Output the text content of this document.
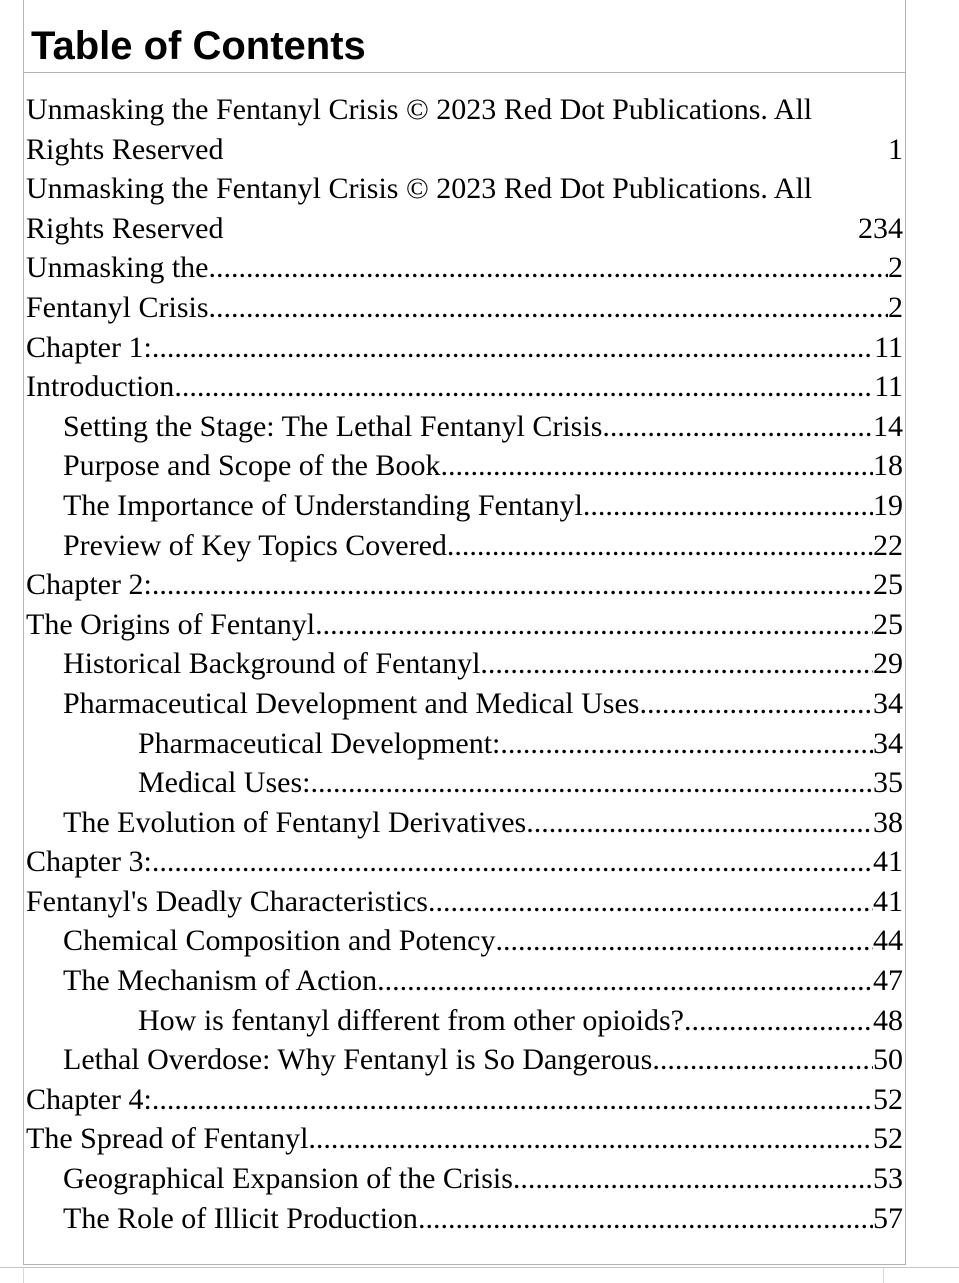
Table of Contents
Unmasking the Fentanyl Crisis © 2023 Red Dot Publications. All Rights Reserved .....	1
Unmasking the Fentanyl Crisis © 2023 Red Dot Publications. All Rights Reserved .....	234
Unmasking the .....	2
Fentanyl Crisis .....	2
Chapter 1: .....	11
Introduction .....	11
Setting the Stage: The Lethal Fentanyl Crisis .....	14
Purpose and Scope of the Book .....	18
The Importance of Understanding Fentanyl .....	19
Preview of Key Topics Covered .....	22
Chapter 2: .....	25
The Origins of Fentanyl .....	25
Historical Background of Fentanyl .....	29
Pharmaceutical Development and Medical Uses .....	34
Pharmaceutical Development: .....	34
Medical Uses: .....	35
The Evolution of Fentanyl Derivatives .....	38
Chapter 3: .....	41
Fentanyl's Deadly Characteristics .....	41
Chemical Composition and Potency .....	44
The Mechanism of Action .....	47
How is fentanyl different from other opioids? .....	48
Lethal Overdose: Why Fentanyl is So Dangerous .....	50
Chapter 4: .....	52
The Spread of Fentanyl .....	52
Geographical Expansion of the Crisis .....	53
The Role of Illicit Production .....	57
